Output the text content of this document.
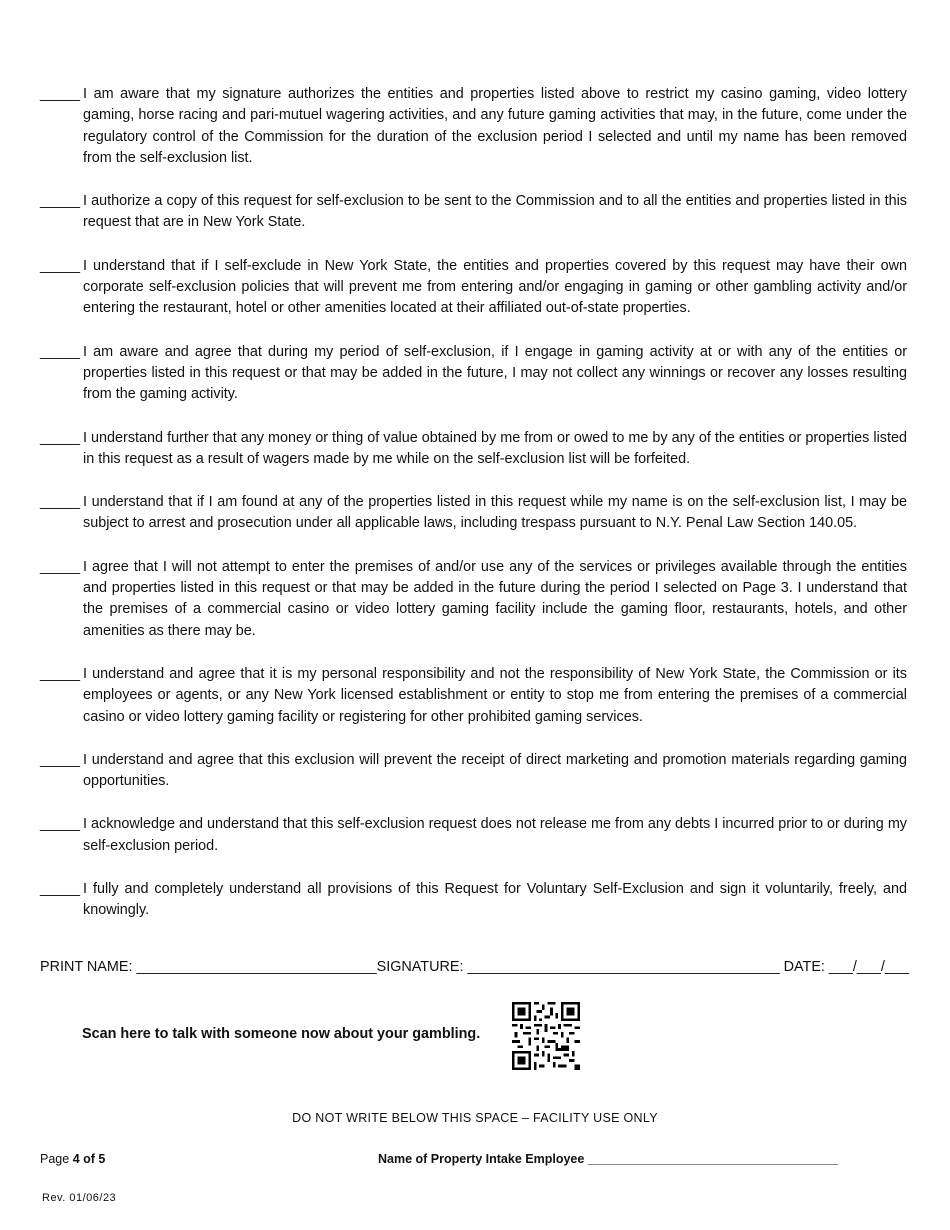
_____I am aware that my signature authorizes the entities and properties listed above to restrict my casino gaming, video lottery gaming, horse racing and pari-mutuel wagering activities, and any future gaming activities that may, in the future, come under the regulatory control of the Commission for the duration of the exclusion period I selected and until my name has been removed from the self-exclusion list.

_____I authorize a copy of this request for self-exclusion to be sent to the Commission and to all the entities and properties listed in this request that are in New York State.

_____I understand that if I self-exclude in New York State, the entities and properties covered by this request may have their own corporate self-exclusion policies that will prevent me from entering and/or engaging in gaming or other gambling activity and/or entering the restaurant, hotel or other amenities located at their affiliated out-of-state properties.

_____I am aware and agree that during my period of self-exclusion, if I engage in gaming activity at or with any of the entities or properties listed in this request or that may be added in the future, I may not collect any winnings or recover any losses resulting from the gaming activity.

_____I understand further that any money or thing of value obtained by me from or owed to me by any of the entities or properties listed in this request as a result of wagers made by me while on the self-exclusion list will be forfeited.

_____I understand that if I am found at any of the properties listed in this request while my name is on the self-exclusion list, I may be subject to arrest and prosecution under all applicable laws, including trespass pursuant to N.Y. Penal Law Section 140.05.

_____I agree that I will not attempt to enter the premises of and/or use any of the services or privileges available through the entities and properties listed in this request or that may be added in the future during the period I selected on Page 3. I understand that the premises of a commercial casino or video lottery gaming facility include the gaming floor, restaurants, hotels, and other amenities as there may be.

_____I understand and agree that it is my personal responsibility and not the responsibility of New York State, the Commission or its employees or agents, or any New York licensed establishment or entity to stop me from entering the premises of a commercial casino or video lottery gaming facility or registering for other prohibited gaming services.

_____I understand and agree that this exclusion will prevent the receipt of direct marketing and promotion materials regarding gaming opportunities.

_____I acknowledge and understand that this self-exclusion request does not release me from any debts I incurred prior to or during my self-exclusion period.

_____I fully and completely understand all provisions of this Request for Voluntary Self-Exclusion and sign it voluntarily, freely, and knowingly.

PRINT NAME: ______________________________SIGNATURE: _______________________________________ DATE: ___/___/___
Scan here to talk with someone now about your gambling.
DO NOT WRITE BELOW THIS SPACE – FACILITY USE ONLY
Page 4 of 5	Name of Property Intake Employee ____________________________________
Rev. 01/06/23
